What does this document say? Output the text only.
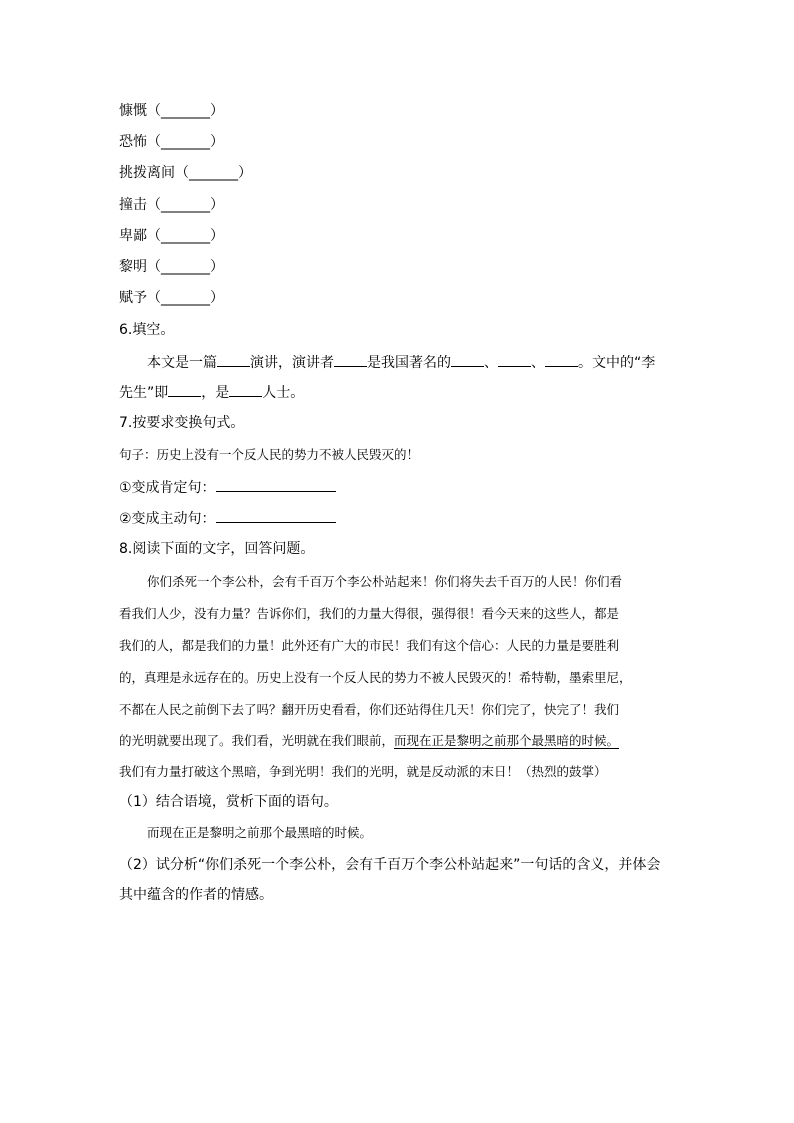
慷慨（_______）
恐怖（_______）
挑拨离间（_______）
撞击（_______）
卑鄙（_______）
黎明（_______）
赋予（_______）
6.填空。
本文是一篇 演讲，演讲者 是我国著名的 、 、 。文中的“李
先生”即 ，是 人士。
7.按要求变换句式。
句子：历史上没有一个反人民的势力不被人民毁灭的！
①变成肯定句：
②变成主动句：
8.阅读下面的文字，回答问题。
你们杀死一个李公朴，会有千百万个李公朴站起来！你们将失去千百万的人民！你们看
看我们人少，没有力量？告诉你们，我们的力量大得很，强得很！看今天来的这些人，都是
我们的人，都是我们的力量！此外还有广大的市民！我们有这个信心：人民的力量是要胜利
的，真理是永远存在的。历史上没有一个反人民的势力不被人民毁灭的！希特勒，墨索里尼，
不都在人民之前倒下去了吗？翻开历史看看，你们还站得住几天！你们完了，快完了！我们
的光明就要出现了。我们看，光明就在我们眼前，而现在正是黎明之前那个最黑暗的时候。
我们有力量打破这个黑暗，争到光明！我们的光明，就是反动派的末日！（热烈的鼓掌）
（1）结合语境，赏析下面的语句。
而现在正是黎明之前那个最黑暗的时候。
（2）试分析“你们杀死一个李公朴，会有千百万个李公朴站起来”一句话的含义，并体会
其中蕴含的作者的情感。
